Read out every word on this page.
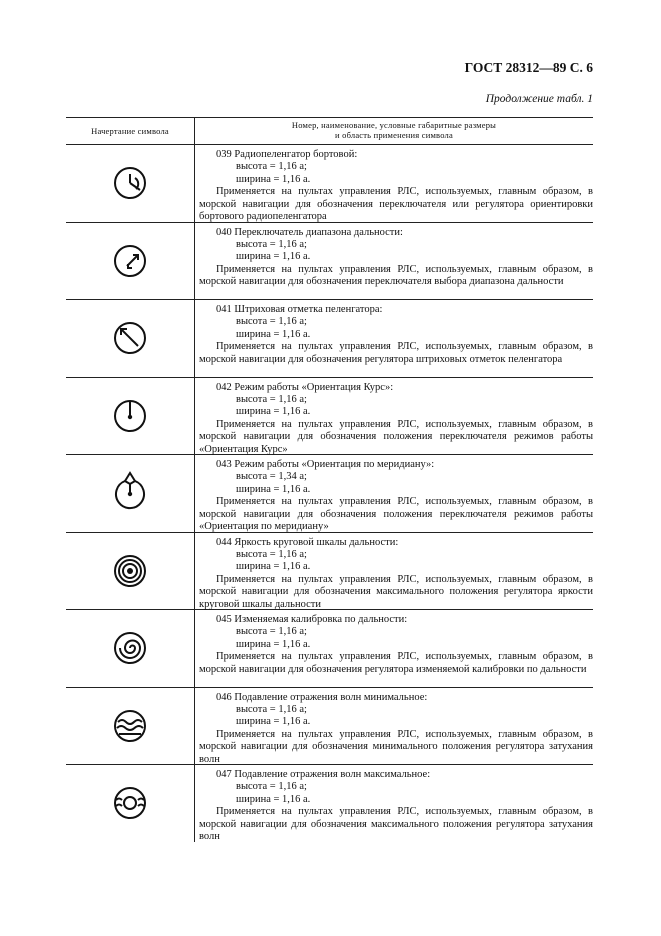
ГОСТ 28312—89 С. 6
Продолжение табл. 1
Начертание символа
Номер, наименование, условные габаритные размеры
и область применения символа
039 Радиопеленгатор бортовой:
высота = 1,16 а;
ширина = 1,16 а.
Применяется на пультах управления РЛС, используемых, главным образом, в морской навигации для обозначения переключателя или регулятора ориентировки бортового радиопеленгатора
040 Переключатель диапазона дальности:
высота = 1,16 а;
ширина = 1,16 а.
Применяется на пультах управления РЛС, используемых, главным образом, в морской навигации для обозначения переключателя выбора диапазона дальности
041 Штриховая отметка пеленгатора:
высота = 1,16 а;
ширина = 1,16 а.
Применяется на пультах управления РЛС, используемых, главным образом, в морской навигации для обозначения регулятора штриховых отметок пеленгатора
042 Режим работы «Ориентация Курс»:
высота = 1,16 а;
ширина = 1,16 а.
Применяется на пультах управления РЛС, используемых, главным образом, в морской навигации для обозначения положения переключателя режимов работы «Ориентация Курс»
043 Режим работы «Ориентация по меридиану»:
высота = 1,34 а;
ширина = 1,16 а.
Применяется на пультах управления РЛС, используемых, главным образом, в морской навигации для обозначения положения переключателя режимов работы «Ориентация по меридиану»
044 Яркость круговой шкалы дальности:
высота = 1,16 а;
ширина = 1,16 а.
Применяется на пультах управления РЛС, используемых, главным образом, в морской навигации для обозначения максимального положения регулятора яркости круговой шкалы дальности
045 Изменяемая калибровка по дальности:
высота = 1,16 а;
ширина = 1,16 а.
Применяется на пультах управления РЛС, используемых, главным образом, в морской навигации для обозначения регулятора изменяемой калибровки по дальности
046 Подавление отражения волн минимальное:
высота = 1,16 а;
ширина = 1,16 а.
Применяется на пультах управления РЛС, используемых, главным образом, в морской навигации для обозначения минимального положения регулятора затухания волн
047 Подавление отражения волн максимальное:
высота = 1,16 а;
ширина = 1,16 а.
Применяется на пультах управления РЛС, используемых, главным образом, в морской навигации для обозначения максимального положения регулятора затухания волн
